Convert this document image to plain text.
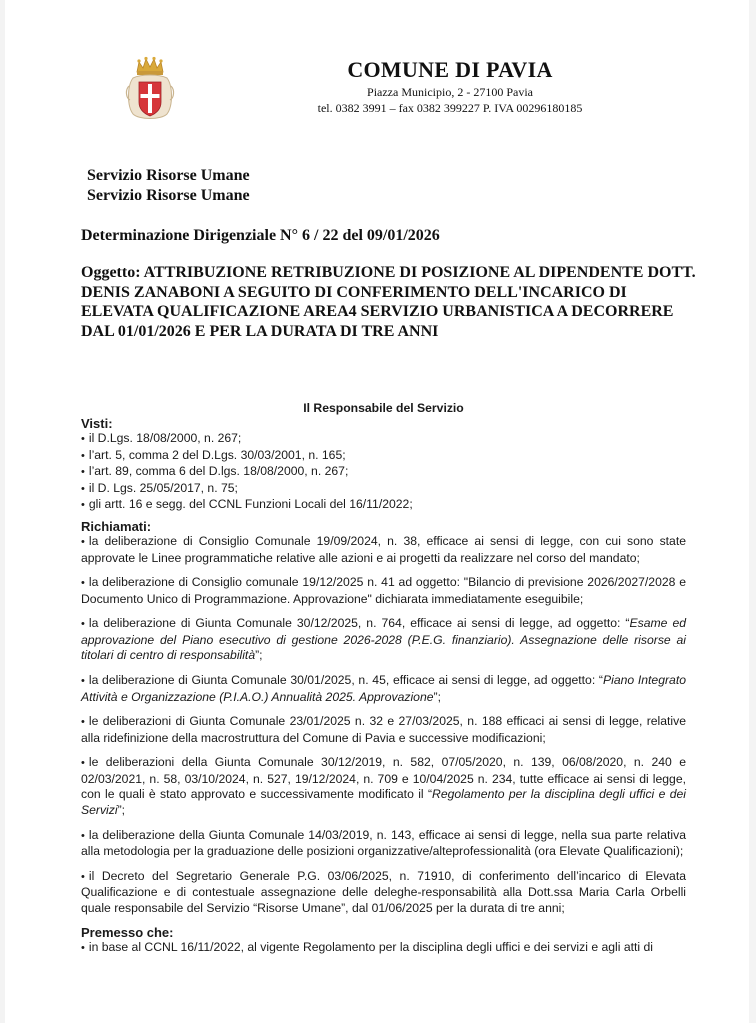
COMUNE DI PAVIA
Piazza Municipio, 2 - 27100 Pavia
tel. 0382 3991 – fax 0382 399227 P. IVA 00296180185
Servizio Risorse Umane
Servizio Risorse Umane
Determinazione Dirigenziale N° 6 / 22 del 09/01/2026
Oggetto: ATTRIBUZIONE RETRIBUZIONE DI POSIZIONE AL DIPENDENTE DOTT. DENIS ZANABONI A SEGUITO DI CONFERIMENTO DELL'INCARICO DI ELEVATA QUALIFICAZIONE AREA4 SERVIZIO URBANISTICA A DECORRERE DAL 01/01/2026 E PER LA DURATA DI TRE ANNI
Il Responsabile del Servizio
Visti:
• il D.Lgs. 18/08/2000, n. 267;
• l’art. 5, comma 2 del D.Lgs. 30/03/2001, n. 165;
• l’art. 89, comma 6 del D.lgs. 18/08/2000, n. 267;
• il D. Lgs. 25/05/2017, n. 75;
• gli artt. 16 e segg. del CCNL Funzioni Locali del 16/11/2022;
Richiamati:
• la deliberazione di Consiglio Comunale 19/09/2024, n. 38, efficace ai sensi di legge, con cui sono state approvate le Linee programmatiche relative alle azioni e ai progetti da realizzare nel corso del mandato;
• la deliberazione di Consiglio comunale 19/12/2025 n. 41 ad oggetto: "Bilancio di previsione 2026/2027/2028 e Documento Unico di Programmazione. Approvazione" dichiarata immediatamente eseguibile;
• la deliberazione di Giunta Comunale 30/12/2025, n. 764, efficace ai sensi di legge, ad oggetto: “Esame ed approvazione del Piano esecutivo di gestione 2026-2028 (P.E.G. finanziario). Assegnazione delle risorse ai titolari di centro di responsabilità”;
• la deliberazione di Giunta Comunale 30/01/2025, n. 45, efficace ai sensi di legge, ad oggetto: “Piano Integrato Attività e Organizzazione (P.I.A.O.) Annualità 2025. Approvazione”;
• le deliberazioni di Giunta Comunale 23/01/2025 n. 32 e 27/03/2025, n. 188 efficaci ai sensi di legge, relative alla ridefinizione della macrostruttura del Comune di Pavia e successive modificazioni;
• le deliberazioni della Giunta Comunale 30/12/2019, n. 582, 07/05/2020, n. 139, 06/08/2020, n. 240 e 02/03/2021, n. 58, 03/10/2024, n. 527, 19/12/2024, n. 709 e 10/04/2025 n. 234, tutte efficace ai sensi di legge, con le quali è stato approvato e successivamente modificato il “Regolamento per la disciplina degli uffici e dei Servizi”;
• la deliberazione della Giunta Comunale 14/03/2019, n. 143, efficace ai sensi di legge, nella sua parte relativa alla metodologia per la graduazione delle posizioni organizzative/alteprofessionalità (ora Elevate Qualificazioni);
• il Decreto del Segretario Generale P.G. 03/06/2025, n. 71910, di conferimento dell’incarico di Elevata Qualificazione e di contestuale assegnazione delle deleghe-responsabilità alla Dott.ssa Maria Carla Orbelli quale responsabile del Servizio “Risorse Umane”, dal 01/06/2025 per la durata di tre anni;
Premesso che:
• in base al CCNL 16/11/2022, al vigente Regolamento per la disciplina degli uffici e dei servizi e agli atti di
